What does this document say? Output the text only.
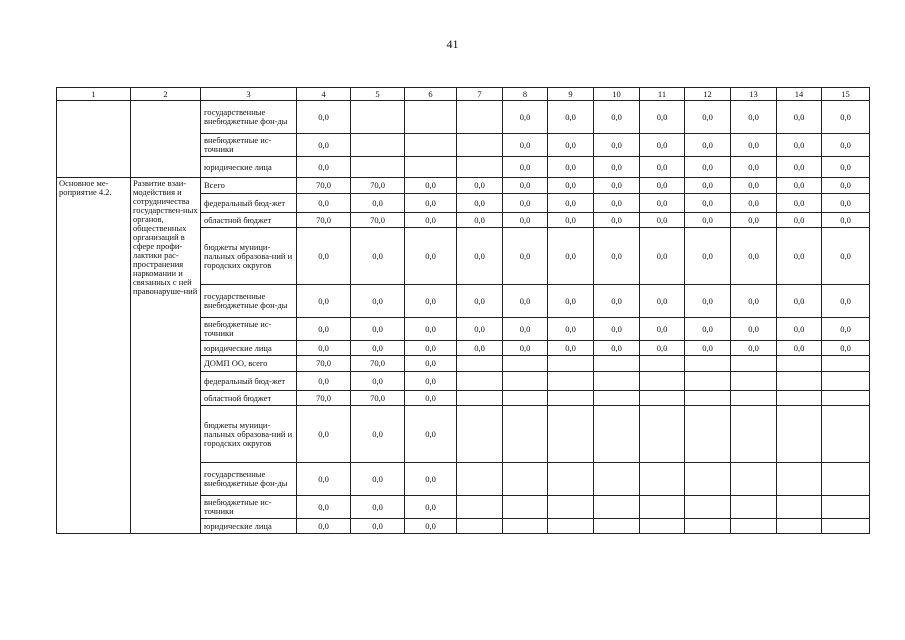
41
1	2	3	4	5	6	7	8	9	10	11	12	13	14	15
		государственные внебюджетные фон-ды	0,0				0,0	0,0	0,0	0,0	0,0	0,0	0,0	0,0
		внебюджетные ис-точники	0,0				0,0	0,0	0,0	0,0	0,0	0,0	0,0	0,0
		юридические лица	0,0				0,0	0,0	0,0	0,0	0,0	0,0	0,0	0,0
Основное ме-роприятие 4.2.	Развитие взаи-модействия и сотрудничества государствен-ных органов, общественных организаций в сфере профи-лактики рас-пространения наркомании и связанных с ней правонаруше-ний	Всего	70,0	70,0	0,0	0,0	0,0	0,0	0,0	0,0	0,0	0,0	0,0	0,0
		федеральный бюд-жет	0,0	0,0	0,0	0,0	0,0	0,0	0,0	0,0	0,0	0,0	0,0	0,0
		областной бюджет	70,0	70,0	0,0	0,0	0,0	0,0	0,0	0,0	0,0	0,0	0,0	0,0
		бюджеты муници-пальных образова-ний и городских округов	0,0	0,0	0,0	0,0	0,0	0,0	0,0	0,0	0,0	0,0	0,0	0,0
		государственные внебюджетные фон-ды	0,0	0,0	0,0	0,0	0,0	0,0	0,0	0,0	0,0	0,0	0,0	0,0
		внебюджетные ис-точники	0,0	0,0	0,0	0,0	0,0	0,0	0,0	0,0	0,0	0,0	0,0	0,0
		юридические лица	0,0	0,0	0,0	0,0	0,0	0,0	0,0	0,0	0,0	0,0	0,0	0,0
		ДОМП ОО, всего	70,0	70,0	0,0									
		федеральный бюд-жет	0,0	0,0	0,0									
		областной бюджет	70,0	70,0	0,0									
		бюджеты муници-пальных образова-ний и городских округов	0,0	0,0	0,0									
		государственные внебюджетные фон-ды	0,0	0,0	0,0									
		внебюджетные ис-точники	0,0	0,0	0,0									
		юридические лица	0,0	0,0	0,0									
